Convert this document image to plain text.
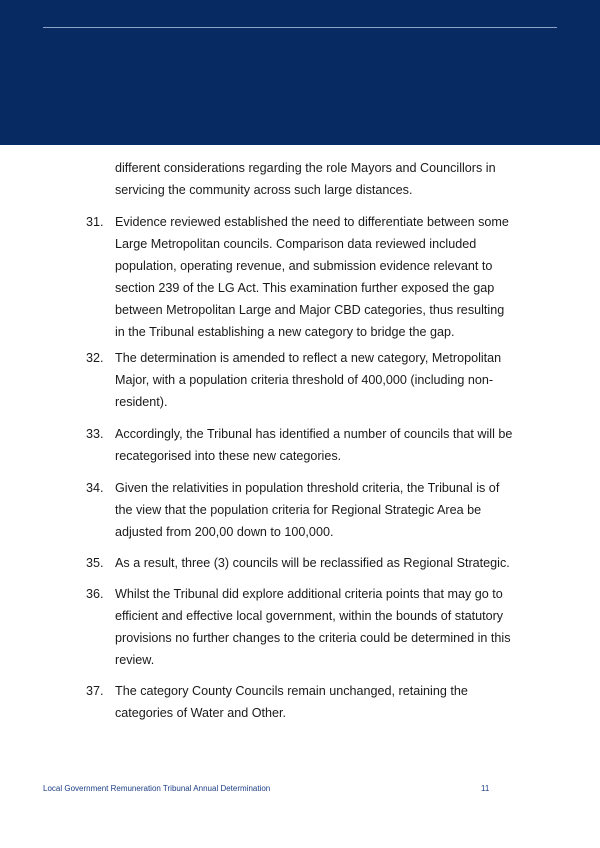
different considerations regarding the role Mayors and Councillors in servicing the community across such large distances.
31. Evidence reviewed established the need to differentiate between some Large Metropolitan councils. Comparison data reviewed included population, operating revenue, and submission evidence relevant to section 239 of the LG Act. This examination further exposed the gap between Metropolitan Large and Major CBD categories, thus resulting in the Tribunal establishing a new category to bridge the gap.
32. The determination is amended to reflect a new category, Metropolitan Major, with a population criteria threshold of 400,000 (including non-resident).
33. Accordingly, the Tribunal has identified a number of councils that will be recategorised into these new categories.
34. Given the relativities in population threshold criteria, the Tribunal is of the view that the population criteria for Regional Strategic Area be adjusted from 200,00 down to 100,000.
35. As a result, three (3) councils will be reclassified as Regional Strategic.
36. Whilst the Tribunal did explore additional criteria points that may go to efficient and effective local government, within the bounds of statutory provisions no further changes to the criteria could be determined in this review.
37. The category County Councils remain unchanged, retaining the categories of Water and Other.
Local Government Remuneration Tribunal Annual Determination	11
